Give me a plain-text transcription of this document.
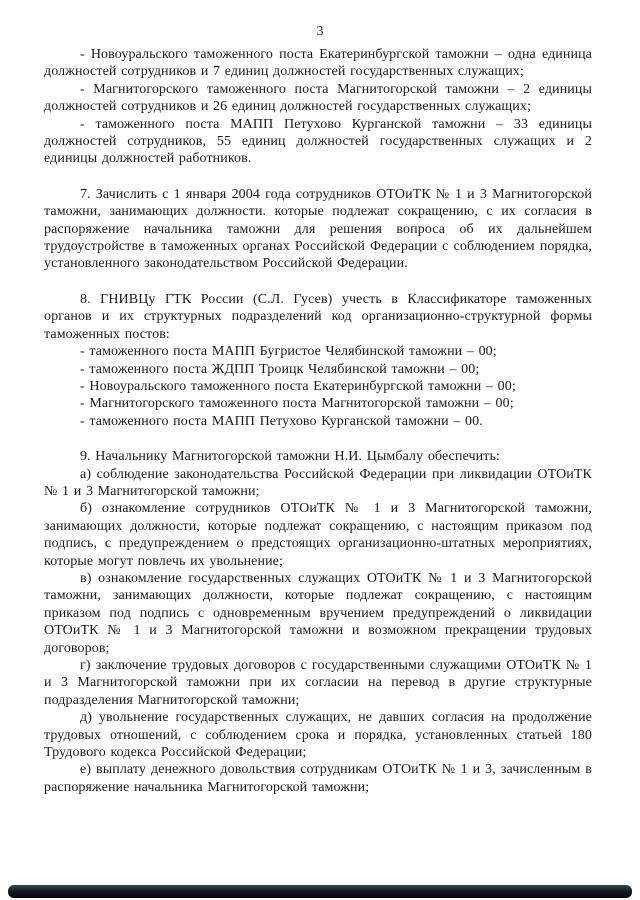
3

- Новоуральского таможенного поста Екатеринбургской таможни – одна единица должностей сотрудников и 7 единиц должностей государственных служащих;

- Магнитогорского таможенного поста Магнитогорской таможни – 2 единицы должностей сотрудников и 26 единиц должностей государственных служащих;

- таможенного поста МАПП Петухово Курганской таможни – 33 единицы должностей сотрудников, 55 единиц должностей государственных служащих и 2 единицы должностей работников.

7. Зачислить с 1 января 2004 года сотрудников ОТОиТК № 1 и 3 Магнитогорской таможни, занимающих должности. которые подлежат сокращению, с их согласия в распоряжение начальника таможни для решения вопроса об их дальнейшем трудоустройстве в таможенных органах Российской Федерации с соблюдением порядка, установленного законодательством Российской Федерации.

8. ГНИВЦу ГТК России (С.Л. Гусев) учесть в Классификаторе таможенных органов и их структурных подразделений код организационно-структурной формы таможенных постов:

- таможенного поста МАПП Бугристое Челябинской таможни – 00;

- таможенного поста ЖДПП Троицк Челябинской таможни – 00;

- Новоуральского таможенного поста Екатеринбургской таможни – 00;

- Магнитогорского таможенного поста Магнитогорской таможни – 00;

- таможенного поста МАПП Петухово Курганской таможни – 00.

9. Начальнику Магнитогорской таможни Н.И. Цымбалу обеспечить:

а) соблюдение законодательства Российской Федерации при ликвидации ОТОиТК № 1 и 3 Магнитогорской таможни;

б) ознакомление сотрудников ОТОиТК № 1 и 3 Магнитогорской таможни, занимающих должности, которые подлежат сокращению, с настоящим приказом под подпись, с предупреждением о предстоящих организационно-штатных мероприятиях, которые могут повлечь их увольнение;

в) ознакомление государственных служащих ОТОиТК № 1 и 3 Магнитогорской таможни, занимающих должности, которые подлежат сокращению, с настоящим приказом под подпись с одновременным вручением предупреждений о ликвидации ОТОиТК № 1 и 3 Магнитогорской таможни и возможном прекращении трудовых договоров;

г) заключение трудовых договоров с государственными служащими ОТОиТК № 1 и 3 Магнитогорской таможни при их согласии на перевод в другие структурные подразделения Магнитогорской таможни;

д) увольнение государственных служащих, не давших согласия на продолжение трудовых отношений, с соблюдением срока и порядка, установленных статьей 180 Трудового кодекса Российской Федерации;

е) выплату денежного довольствия сотрудникам ОТОиТК № 1 и 3, зачисленным в распоряжение начальника Магнитогорской таможни;
